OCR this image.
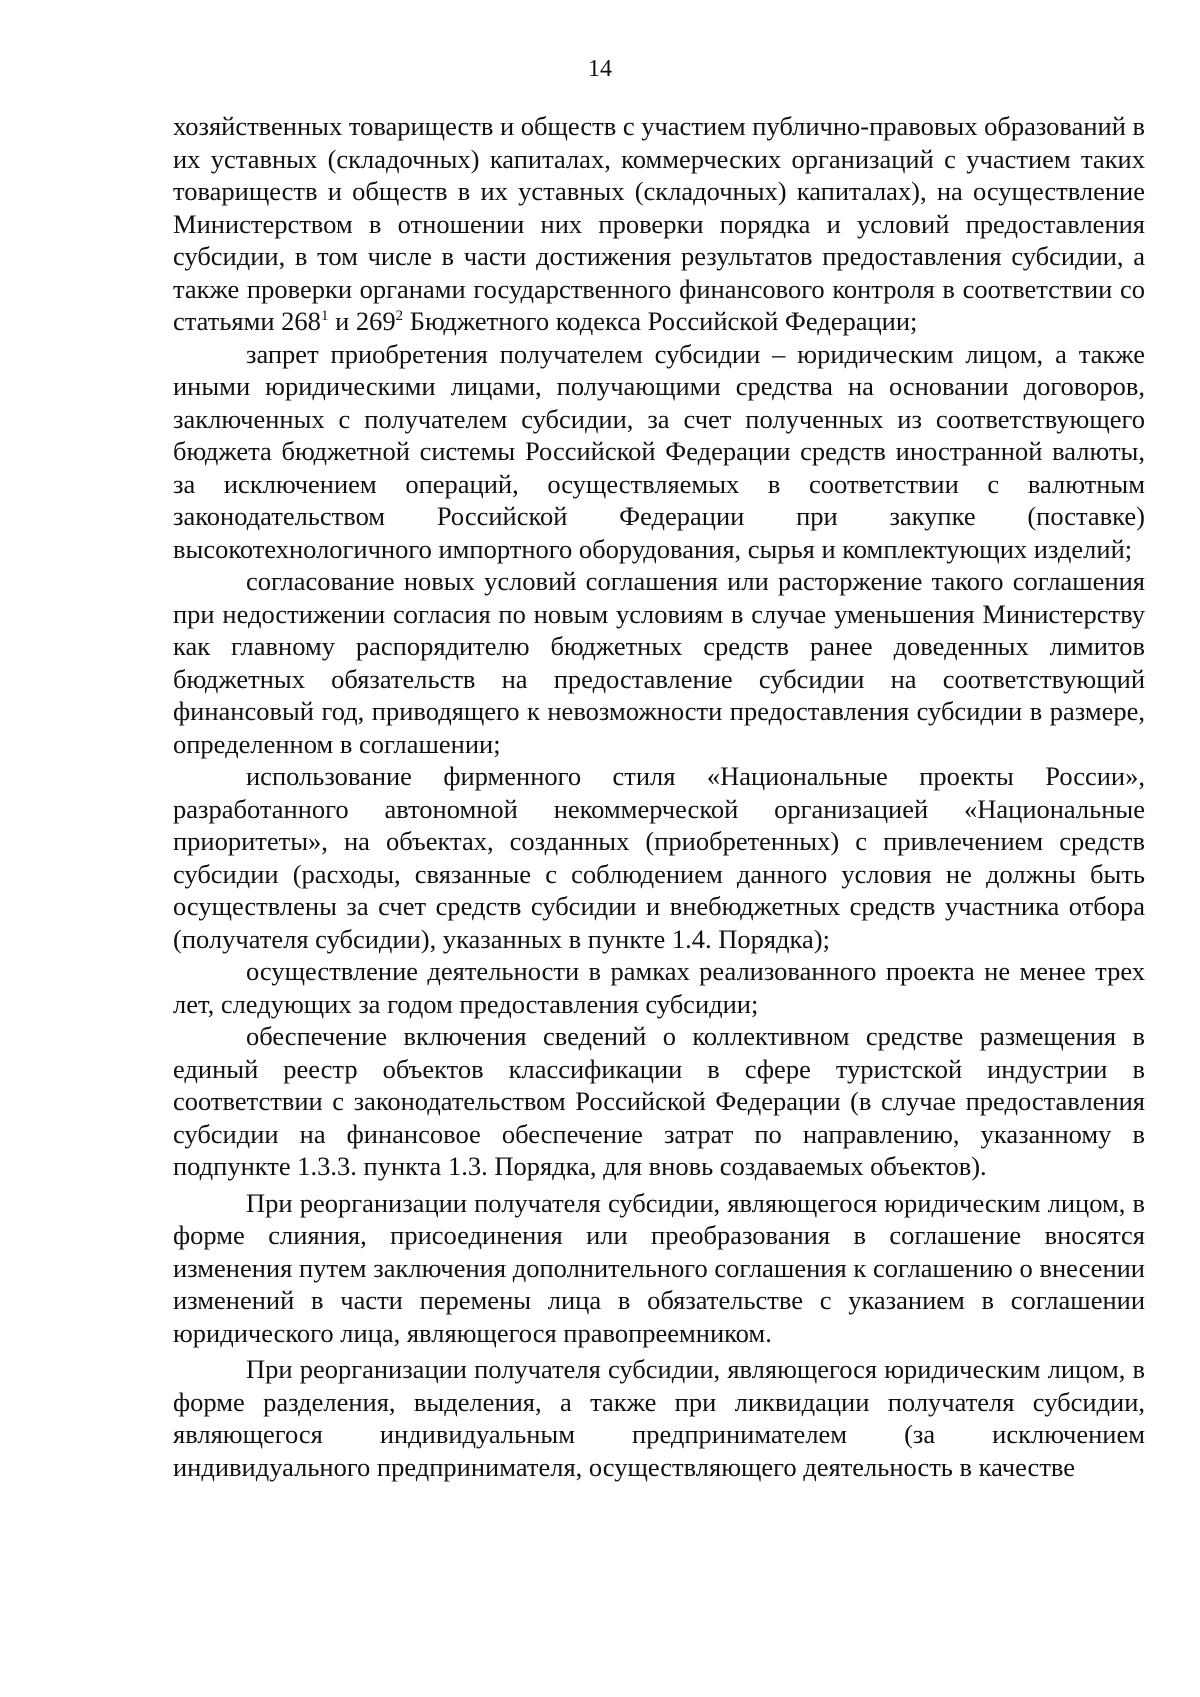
14

хозяйственных товариществ и обществ с участием публично-правовых образований в их уставных (складочных) капиталах, коммерческих организаций с участием таких товариществ и обществ в их уставных (складочных) капиталах), на осуществление Министерством в отношении них проверки порядка и условий предоставления субсидии, в том числе в части достижения результатов предоставления субсидии, а также проверки органами государственного финансового контроля в соответствии со статьями $268^1$ и $269^2$ Бюджетного кодекса Российской Федерации;

запрет приобретения получателем субсидии – юридическим лицом, а также иными юридическими лицами, получающими средства на основании договоров, заключенных с получателем субсидии, за счет полученных из соответствующего бюджета бюджетной системы Российской Федерации средств иностранной валюты, за исключением операций, осуществляемых в соответствии с валютным законодательством Российской Федерации при закупке (поставке) высокотехнологичного импортного оборудования, сырья и комплектующих изделий;

согласование новых условий соглашения или расторжение такого соглашения при недостижении согласия по новым условиям в случае уменьшения Министерству как главному распорядителю бюджетных средств ранее доведенных лимитов бюджетных обязательств на предоставление субсидии на соответствующий финансовый год, приводящего к невозможности предоставления субсидии в размере, определенном в соглашении;

использование фирменного стиля «Национальные проекты России», разработанного автономной некоммерческой организацией «Национальные приоритеты», на объектах, созданных (приобретенных) с привлечением средств субсидии (расходы, связанные с соблюдением данного условия не должны быть осуществлены за счет средств субсидии и внебюджетных средств участника отбора (получателя субсидии), указанных в пункте 1.4. Порядка);

осуществление деятельности в рамках реализованного проекта не менее трех лет, следующих за годом предоставления субсидии;

обеспечение включения сведений о коллективном средстве размещения в единый реестр объектов классификации в сфере туристской индустрии в соответствии с законодательством Российской Федерации (в случае предоставления субсидии на финансовое обеспечение затрат по направлению, указанному в подпункте 1.3.3. пункта 1.3. Порядка, для вновь создаваемых объектов).

При реорганизации получателя субсидии, являющегося юридическим лицом, в форме слияния, присоединения или преобразования в соглашение вносятся изменения путем заключения дополнительного соглашения к соглашению о внесении изменений в части перемены лица в обязательстве с указанием в соглашении юридического лица, являющегося правопреемником.

При реорганизации получателя субсидии, являющегося юридическим лицом, в форме разделения, выделения, а также при ликвидации получателя субсидии, являющегося индивидуальным предпринимателем (за исключением индивидуального предпринимателя, осуществляющего деятельность в качестве
